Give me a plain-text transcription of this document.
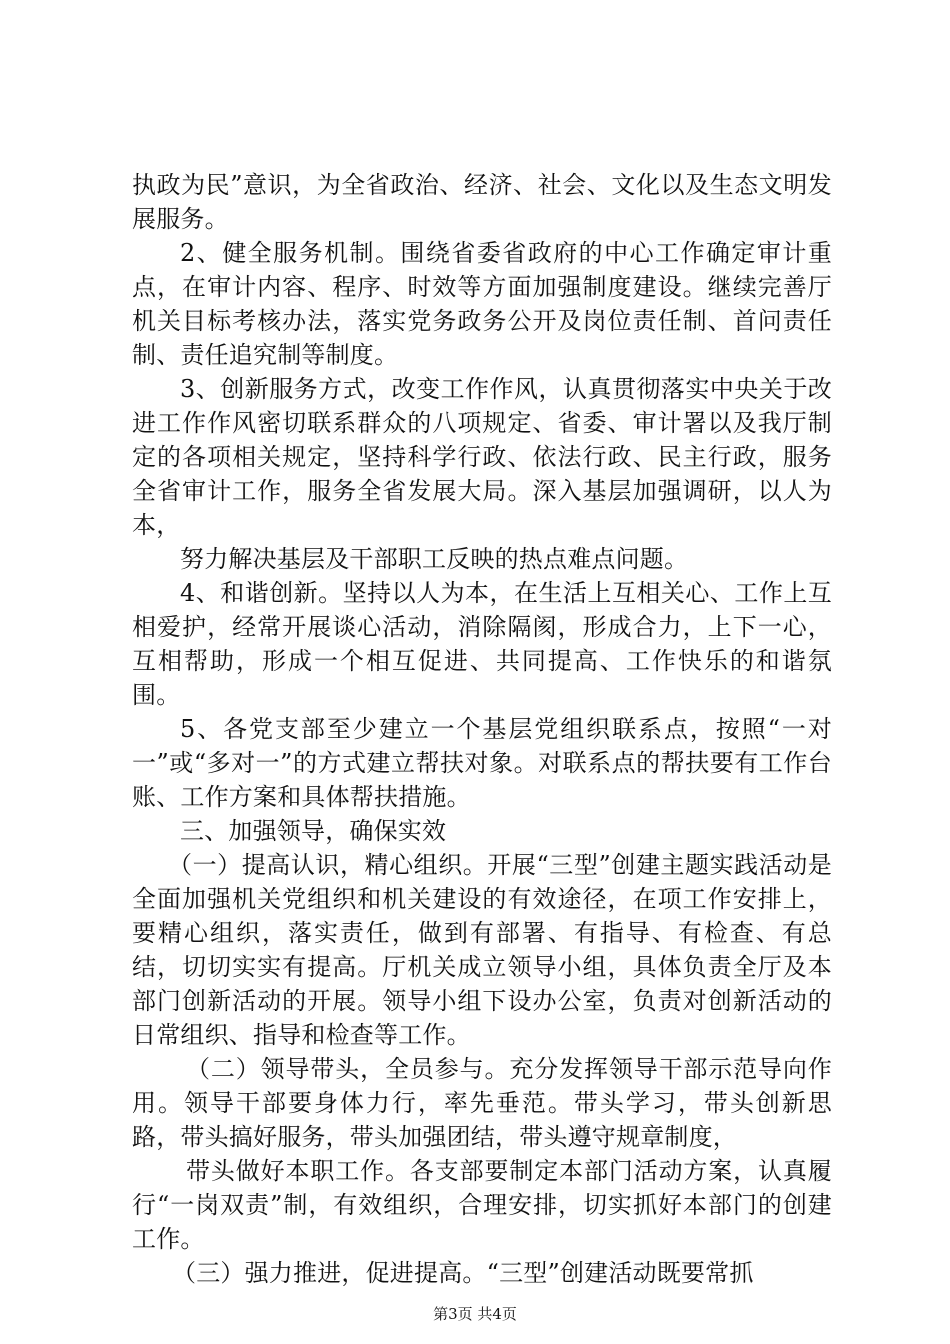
执政为民”意识，为全省政治、经济、社会、文化以及生态文明发展服务。

2、健全服务机制。围绕省委省政府的中心工作确定审计重点，在审计内容、程序、时效等方面加强制度建设。继续完善厅机关目标考核办法，落实党务政务公开及岗位责任制、首问责任制、责任追究制等制度。

3、创新服务方式，改变工作作风，认真贯彻落实中央关于改进工作作风密切联系群众的八项规定、省委、审计署以及我厅制定的各项相关规定，坚持科学行政、依法行政、民主行政，服务全省审计工作，服务全省发展大局。深入基层加强调研，以人为本，

努力解决基层及干部职工反映的热点难点问题。

4、和谐创新。坚持以人为本，在生活上互相关心、工作上互相爱护，经常开展谈心活动，消除隔阂，形成合力，上下一心，互相帮助，形成一个相互促进、共同提高、工作快乐的和谐氛围。

5、各党支部至少建立一个基层党组织联系点，按照“一对一”或“多对一”的方式建立帮扶对象。对联系点的帮扶要有工作台账、工作方案和具体帮扶措施。

三、加强领导，确保实效

（一）提高认识，精心组织。开展“三型”创建主题实践活动是全面加强机关党组织和机关建设的有效途径，在项工作安排上，要精心组织，落实责任，做到有部署、有指导、有检查、有总结，切切实实有提高。厅机关成立领导小组，具体负责全厅及本部门创新活动的开展。领导小组下设办公室，负责对创新活动的日常组织、指导和检查等工作。

（二）领导带头，全员参与。充分发挥领导干部示范导向作用。领导干部要身体力行，率先垂范。带头学习，带头创新思路，带头搞好服务，带头加强团结，带头遵守规章制度，

带头做好本职工作。各支部要制定本部门活动方案，认真履行“一岗双责”制，有效组织，合理安排，切实抓好本部门的创建工作。

（三）强力推进，促进提高。“三型”创建活动既要常抓

第3页 共4页
